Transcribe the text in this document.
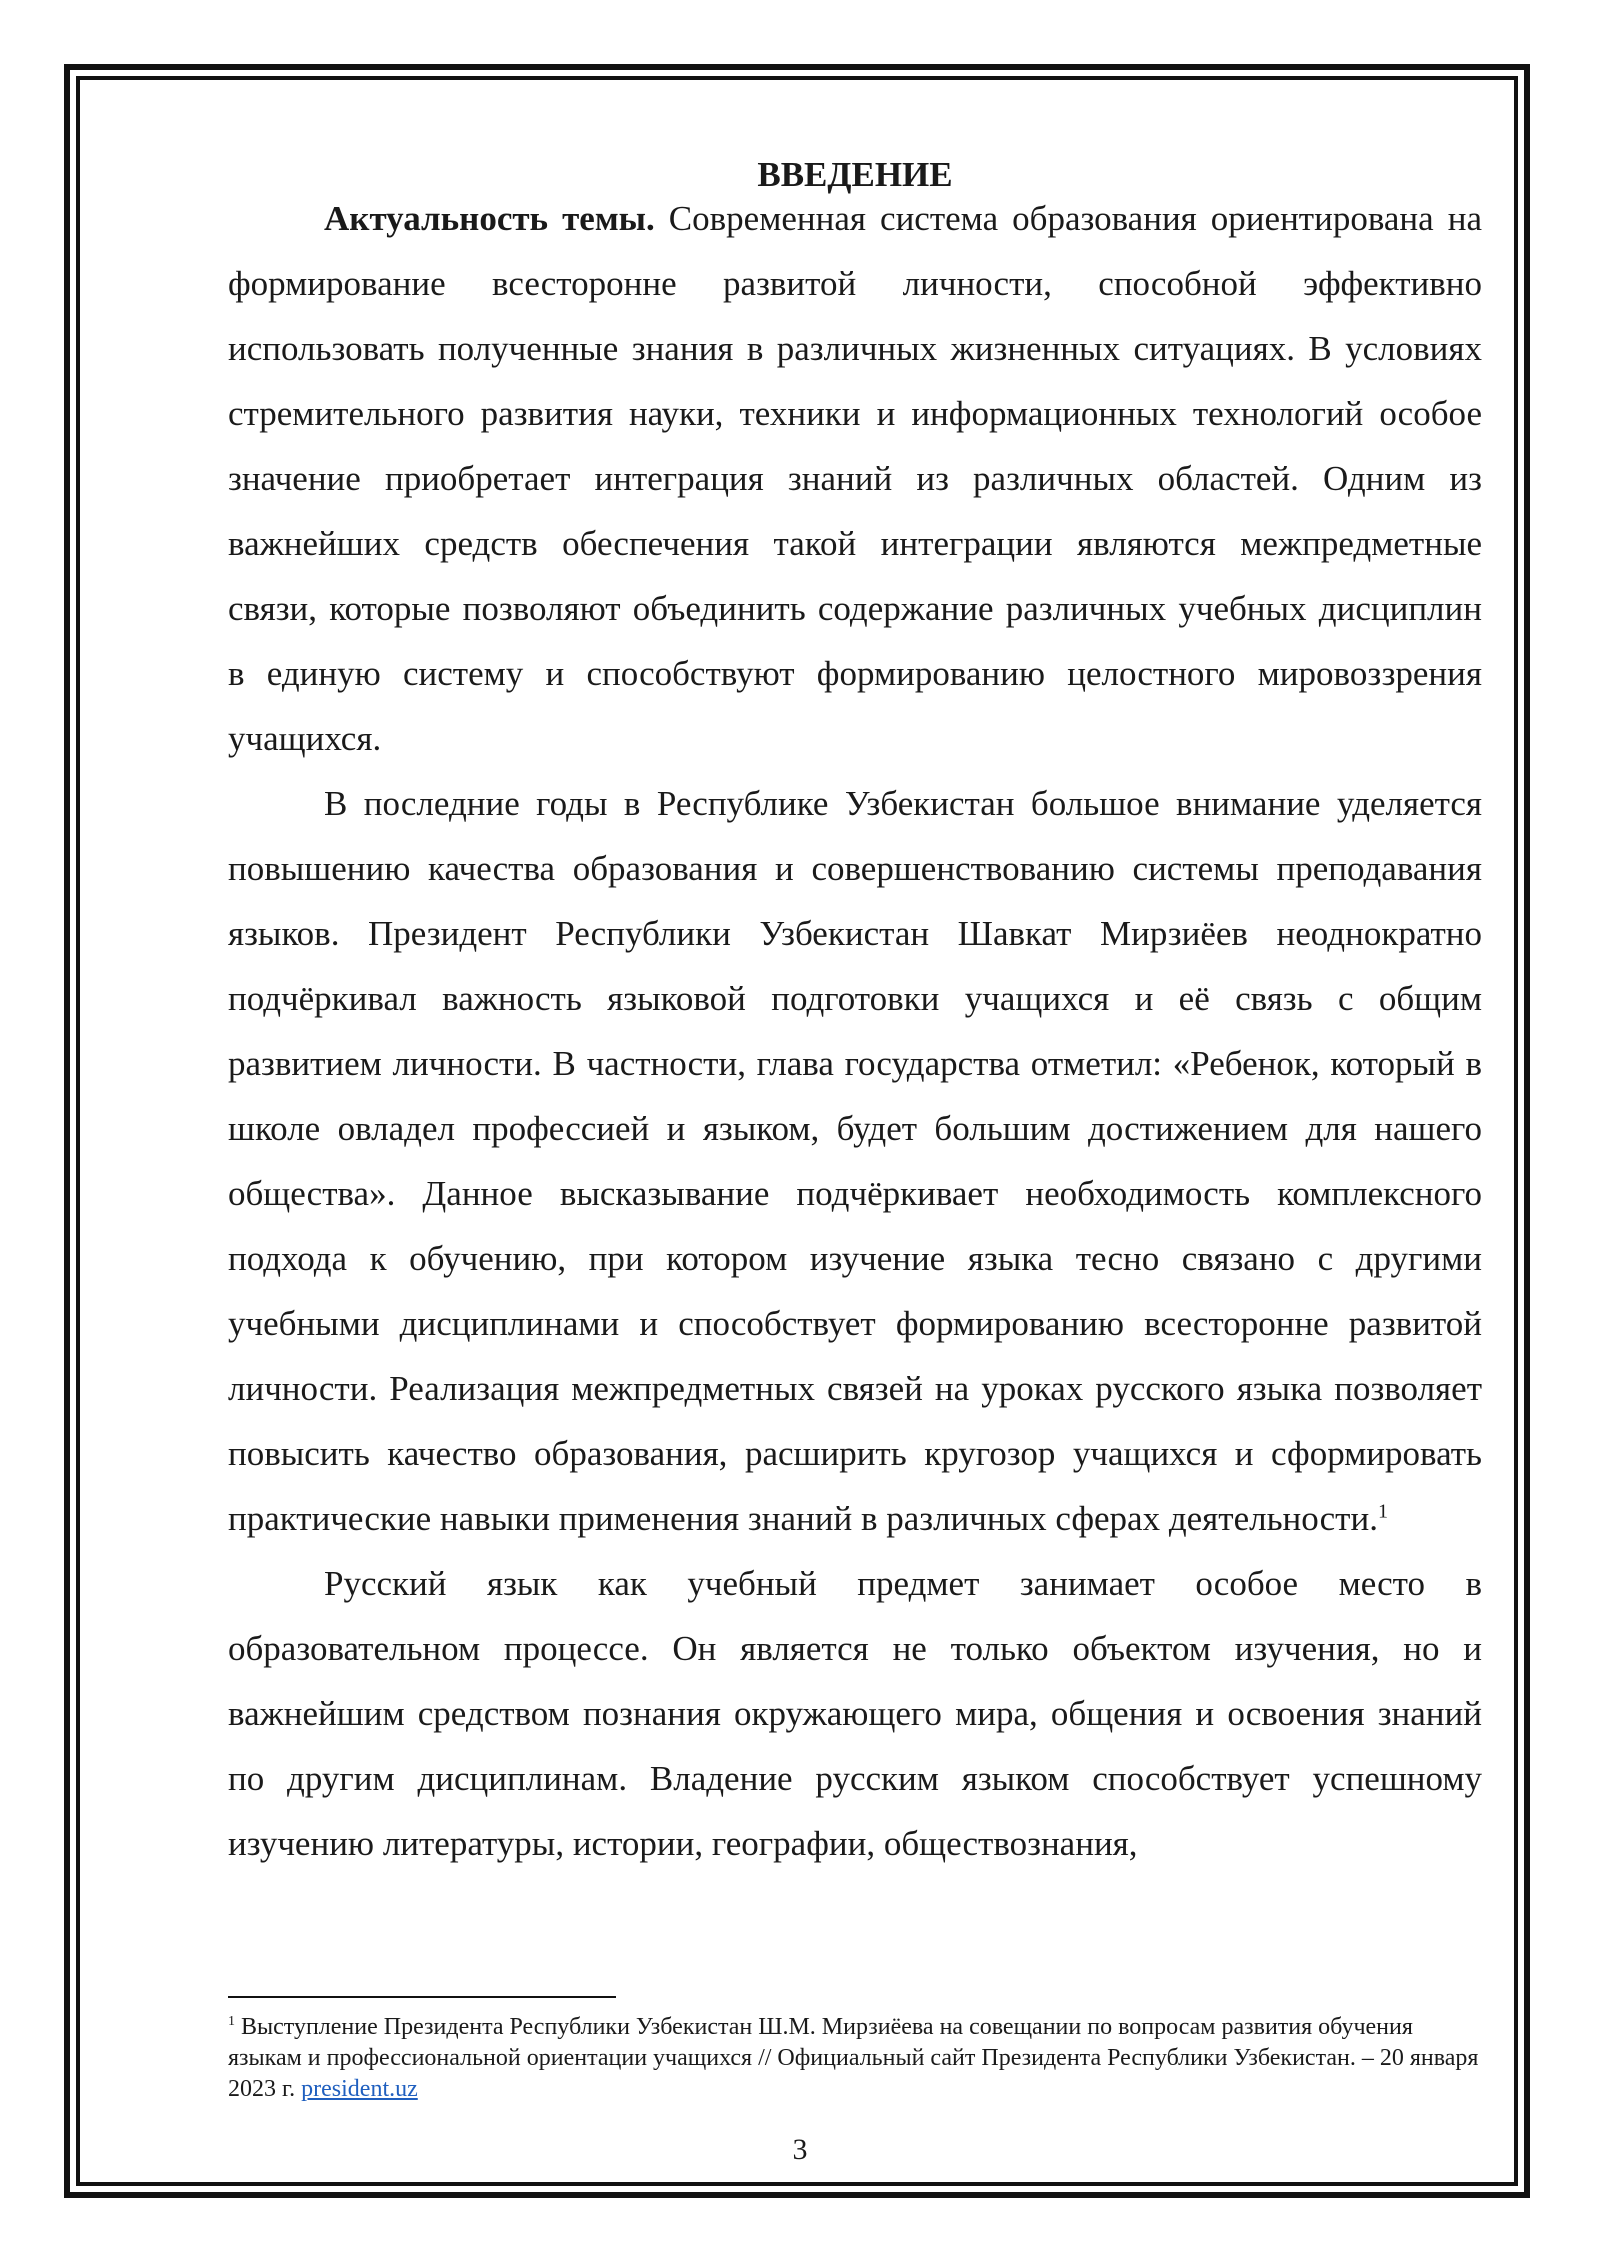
ВВЕДЕНИЕ

Актуальность темы. Современная система образования ориентирована на формирование всесторонне развитой личности, способной эффективно использовать полученные знания в различных жизненных ситуациях. В условиях стремительного развития науки, техники и информационных технологий особое значение приобретает интеграция знаний из различных областей. Одним из важнейших средств обеспечения такой интеграции являются межпредметные связи, которые позволяют объединить содержание различных учебных дисциплин в единую систему и способствуют формированию целостного мировоззрения учащихся.

В последние годы в Республике Узбекистан большое внимание уделяется повышению качества образования и совершенствованию системы преподавания языков. Президент Республики Узбекистан Шавкат Мирзиёев неоднократно подчёркивал важность языковой подготовки учащихся и её связь с общим развитием личности. В частности, глава государства отметил: «Ребенок, который в школе овладел профессией и языком, будет большим достижением для нашего общества». Данное высказывание подчёркивает необходимость комплексного подхода к обучению, при котором изучение языка тесно связано с другими учебными дисциплинами и способствует формированию всесторонне развитой личности. Реализация межпредметных связей на уроках русского языка позволяет повысить качество образования, расширить кругозор учащихся и сформировать практические навыки применения знаний в различных сферах деятельности.$^1$

Русский язык как учебный предмет занимает особое место в образовательном процессе. Он является не только объектом изучения, но и важнейшим средством познания окружающего мира, общения и освоения знаний по другим дисциплинам. Владение русским языком способствует успешному изучению литературы, истории, географии, обществознания,

$^1$ Выступление Президента Республики Узбекистан Ш.М. Мирзиёева на совещании по вопросам развития обучения языкам и профессиональной ориентации учащихся // Официальный сайт Президента Республики Узбекистан. – 20 января 2023 г. president.uz

3
